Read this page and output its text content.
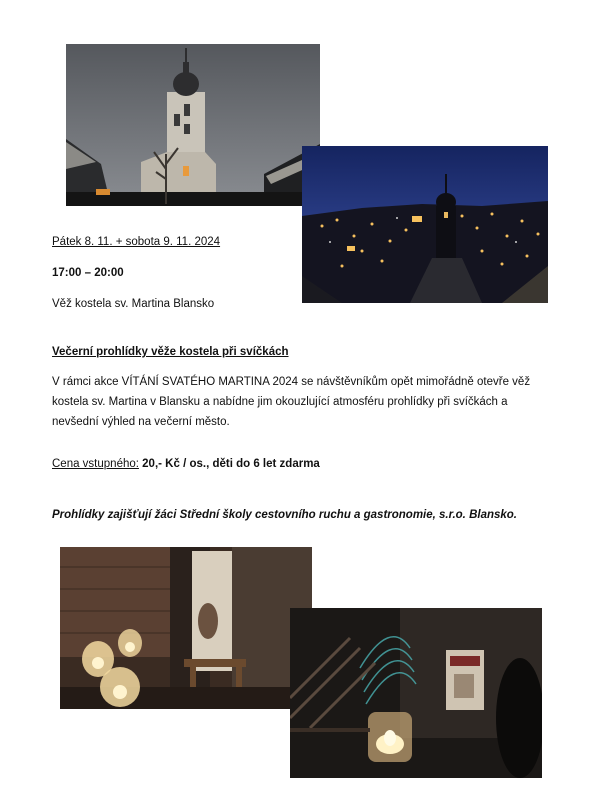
Pátek 8. 11. + sobota 9. 11. 2024
17:00 – 20:00
Věž kostela sv. Martina Blansko
Večerní prohlídky věže kostela při svíčkách
V rámci akce VÍTÁNÍ SVATÉHO MARTINA 2024 se návštěvníkům opět mimořádně otevře věž
kostela sv. Martina v Blansku a nabídne jim okouzlující atmosféru prohlídky při svíčkách a
nevšední výhled na večerní město.
Cena vstupného: 20,- Kč / os., děti do 6 let zdarma
Prohlídky zajišťují žáci Střední školy cestovního ruchu a gastronomie, s.r.o. Blansko.
